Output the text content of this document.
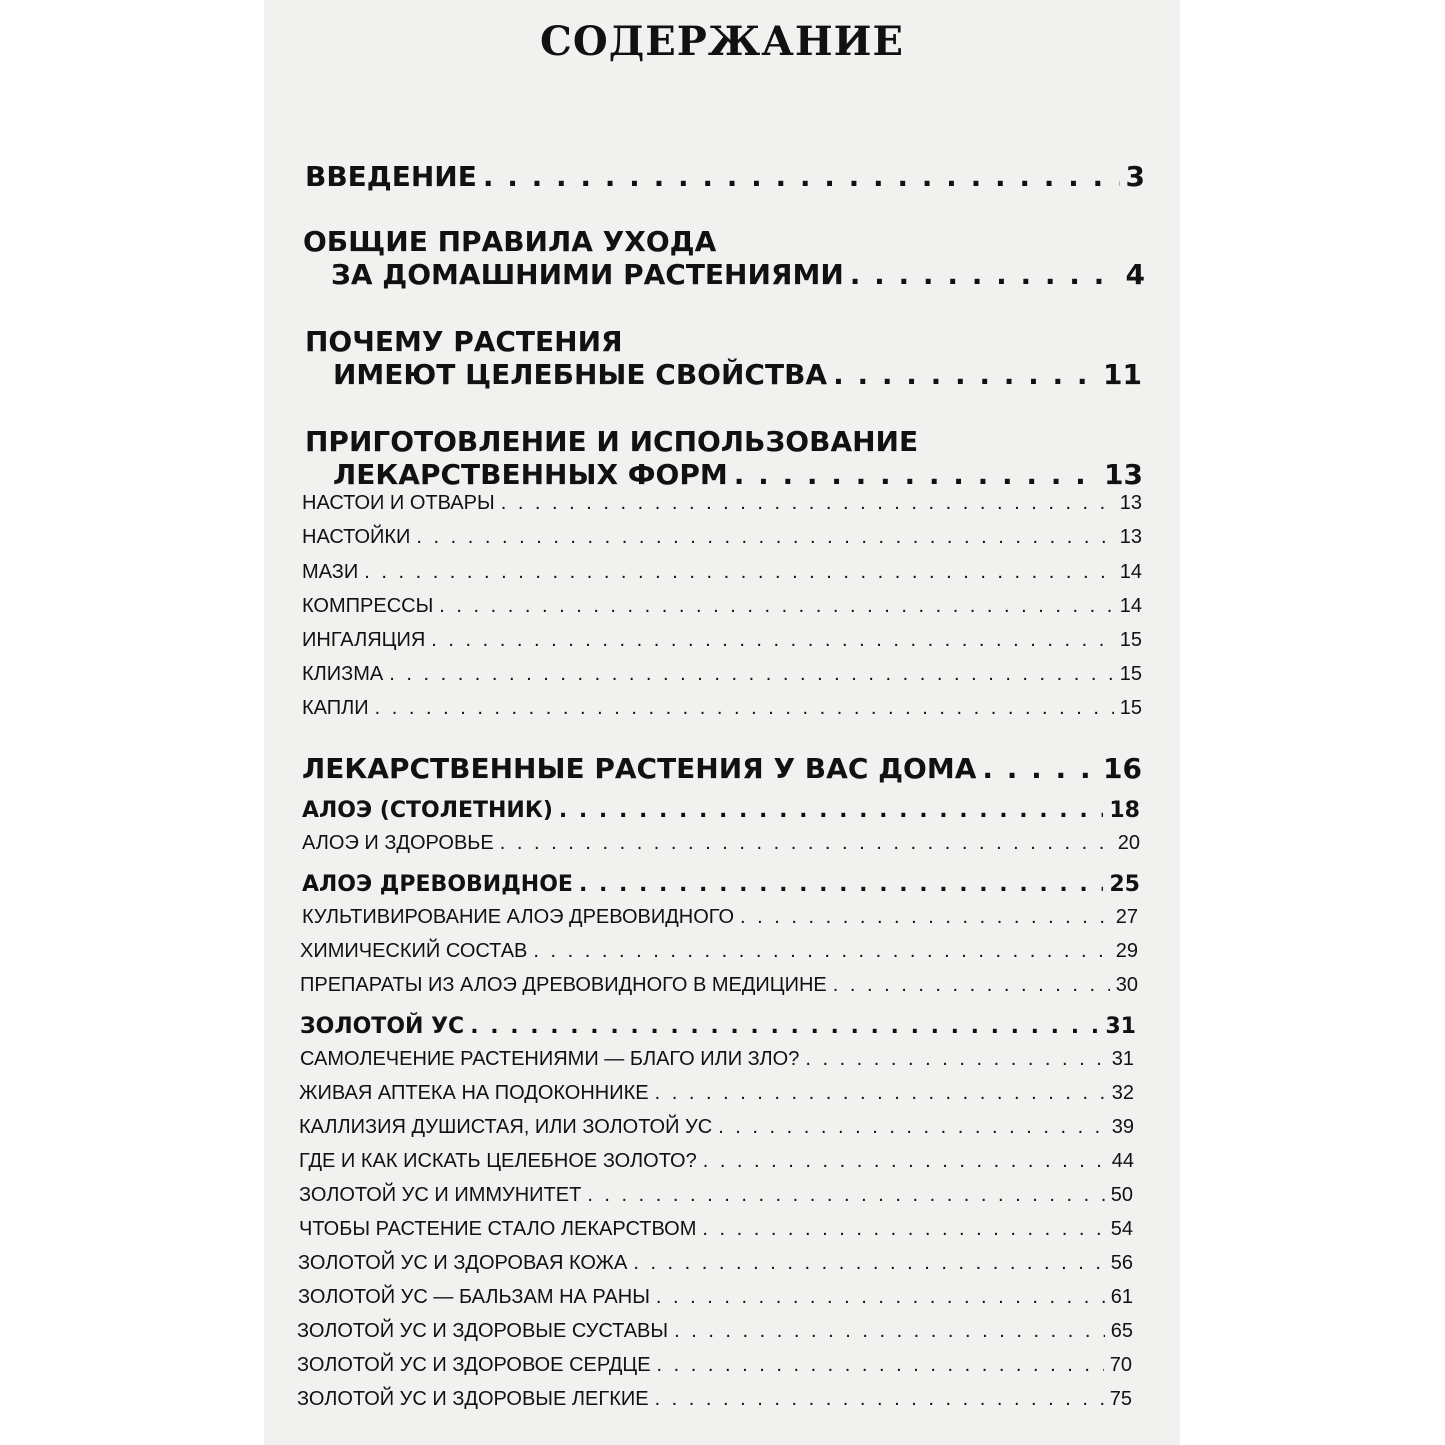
СОДЕРЖАНИЕ
ВВЕДЕНИЕ . . .	3
ОБЩИЕ ПРАВИЛА УХОДА
ЗА ДОМАШНИМИ РАСТЕНИЯМИ . . .	4
ПОЧЕМУ РАСТЕНИЯ
ИМЕЮТ ЦЕЛЕБНЫЕ СВОЙСТВА . . .	11
ПРИГОТОВЛЕНИЕ И ИСПОЛЬЗОВАНИЕ
ЛЕКАРСТВЕННЫХ ФОРМ . . .	13
НАСТОИ И ОТВАРЫ . . .	13
НАСТОЙКИ . . .	13
МАЗИ . . .	14
КОМПРЕССЫ . . .	14
ИНГАЛЯЦИЯ . . .	15
КЛИЗМА . . .	15
КАПЛИ . . .	15
ЛЕКАРСТВЕННЫЕ РАСТЕНИЯ У ВАС ДОМА . . .	16
АЛОЭ (СТОЛЕТНИК) . . .	18
АЛОЭ И ЗДОРОВЬЕ . . .	20
АЛОЭ ДРЕВОВИДНОЕ . . .	25
КУЛЬТИВИРОВАНИЕ АЛОЭ ДРЕВОВИДНОГО . . .	27
ХИМИЧЕСКИЙ СОСТАВ . . .	29
ПРЕПАРАТЫ ИЗ АЛОЭ ДРЕВОВИДНОГО В МЕДИЦИНЕ . . .	30
ЗОЛОТОЙ УС . . .	31
САМОЛЕЧЕНИЕ РАСТЕНИЯМИ — БЛАГО ИЛИ ЗЛО? . . .	31
ЖИВАЯ АПТЕКА НА ПОДОКОННИКЕ . . .	32
КАЛЛИЗИЯ ДУШИСТАЯ, ИЛИ ЗОЛОТОЙ УС . . .	39
ГДЕ И КАК ИСКАТЬ ЦЕЛЕБНОЕ ЗОЛОТО? . . .	44
ЗОЛОТОЙ УС И ИММУНИТЕТ . . .	50
ЧТОБЫ РАСТЕНИЕ СТАЛО ЛЕКАРСТВОМ . . .	54
ЗОЛОТОЙ УС И ЗДОРОВАЯ КОЖА . . .	56
ЗОЛОТОЙ УС — БАЛЬЗАМ НА РАНЫ . . .	61
ЗОЛОТОЙ УС И ЗДОРОВЫЕ СУСТАВЫ . . .	65
ЗОЛОТОЙ УС И ЗДОРОВОЕ СЕРДЦЕ . . .	70
ЗОЛОТОЙ УС И ЗДОРОВЫЕ ЛЕГКИЕ . . .	75
